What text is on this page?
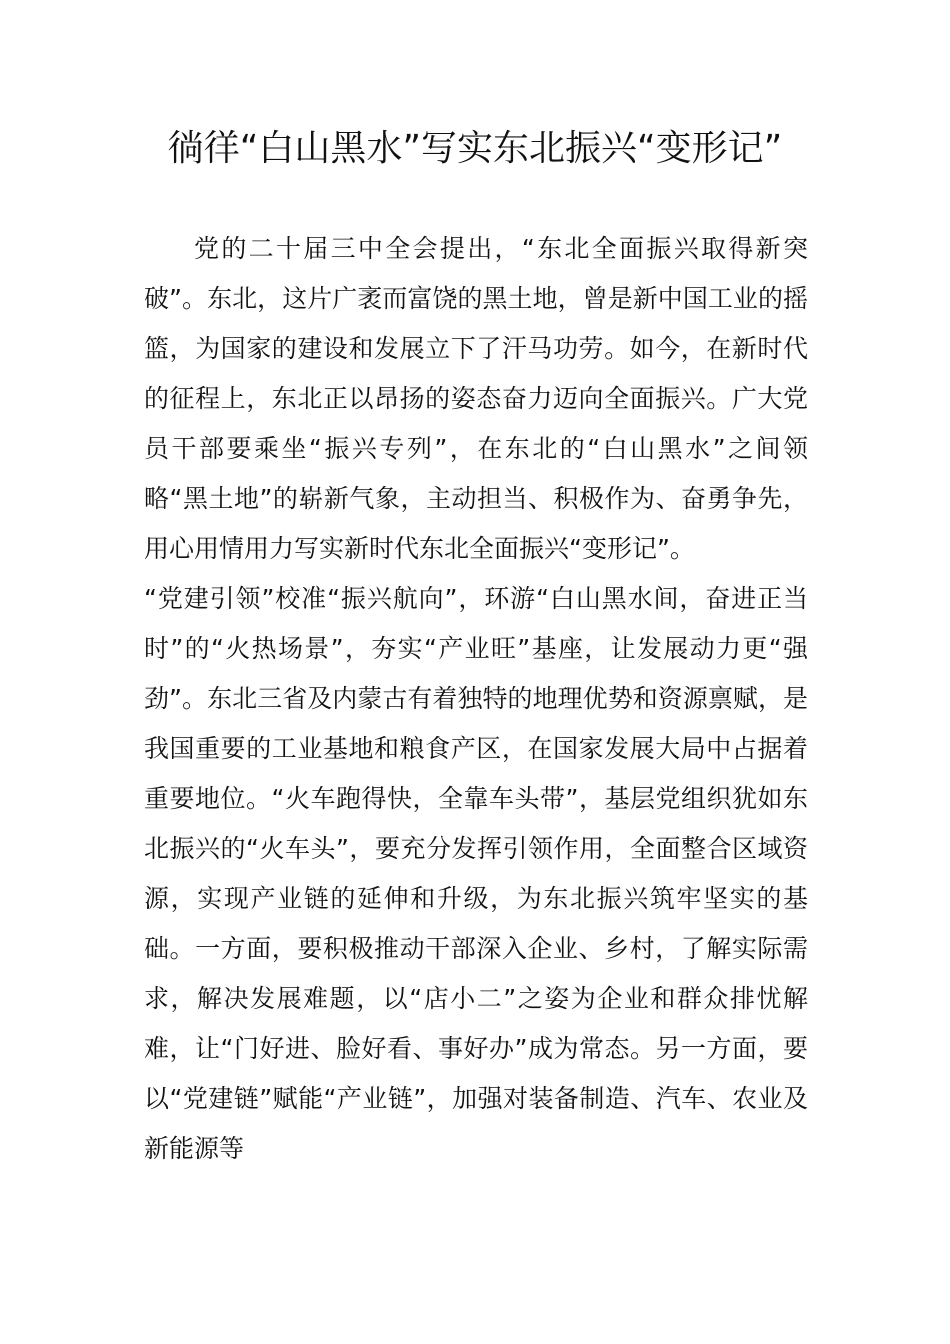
徜徉“白山黑水”写实东北振兴“变形记”

党的二十届三中全会提出，“东北全面振兴取得新突破”。东北，这片广袤而富饶的黑土地，曾是新中国工业的摇篮，为国家的建设和发展立下了汗马功劳。如今，在新时代的征程上，东北正以昂扬的姿态奋力迈向全面振兴。广大党员干部要乘坐“振兴专列”，在东北的“白山黑水”之间领略“黑土地”的崭新气象，主动担当、积极作为、奋勇争先，用心用情用力写实新时代东北全面振兴“变形记”。

“党建引领”校准“振兴航向”，环游“白山黑水间，奋进正当时”的“火热场景”，夯实“产业旺”基座，让发展动力更“强劲”。东北三省及内蒙古有着独特的地理优势和资源禀赋，是我国重要的工业基地和粮食产区，在国家发展大局中占据着重要地位。“火车跑得快，全靠车头带”，基层党组织犹如东北振兴的“火车头”，要充分发挥引领作用，全面整合区域资源，实现产业链的延伸和升级，为东北振兴筑牢坚实的基础。一方面，要积极推动干部深入企业、乡村，了解实际需求，解决发展难题，以“店小二”之姿为企业和群众排忧解难，让“门好进、脸好看、事好办”成为常态。另一方面，要以“党建链”赋能“产业链”，加强对装备制造、汽车、农业及新能源等
